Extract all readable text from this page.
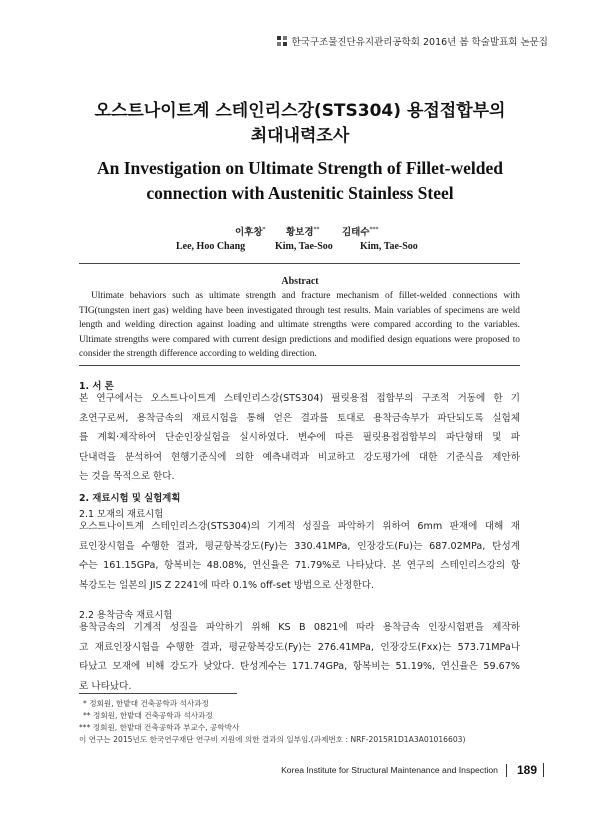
한국구조물진단유지관리공학회 2016년 봄 학술발표회 논문집
오스트나이트계 스테인리스강(STS304) 용접접합부의
최대내력조사
An Investigation on Ultimate Strength of Fillet-welded
connection with Austenitic Stainless Steel
이후창* 황보경** 김태수***
Lee, Hoo Chang	Kim, Tae-Soo	Kim, Tae-Soo
Abstract
Ultimate behaviors such as ultimate strength and fracture mechanism of fillet-welded connections with TIG(tungsten inert gas) welding have been investigated through test results. Main variables of specimens are weld length and welding direction against loading and ultimate strengths were compared according to the variables. Ultimate strengths were compared with current design predictions and modified design equations were proposed to consider the strength difference according to welding direction.
1. 서 론
본 연구에서는 오스트나이트계 스테인리스강(STS304) 필릿용접 접합부의 구조적 거동에 한 기
초연구로써, 용착금속의 재료시험을 통해 얻은 결과를 토대로 용착금속부가 파단되도록 실험체
를 계획·제작하여 단순인장실험을 실시하였다. 변수에 따른 필릿용접접합부의 파단형태 및 파
단내력을 분석하여 현행기준식에 의한 예측내력과 비교하고 강도평가에 대한 기준식을 제안하
는 것을 목적으로 한다.
2. 재료시험 및 실험계획
2.1 모재의 재료시험
오스트나이트계 스테인리스강(STS304)의 기계적 성질을 파악하기 위하여 6mm 판재에 대해 재
료인장시험을 수행한 결과, 평균항복강도(Fy)는 330.41MPa, 인장강도(Fu)는 687.02MPa, 탄성계
수는 161.15GPa, 항복비는 48.08%, 연신율은 71.79%로 나타났다. 본 연구의 스테인리스강의 항
복강도는 일본의 JIS Z 2241에 따라 0.1% off-set 방법으로 산정한다.
2.2 용착금속 재료시험
용착금속의 기계적 성질을 파악하기 위해 KS B 0821에 따라 용착금속 인장시험편을 제작하
고 재료인장시험을 수행한 결과, 평균항복강도(Fy)는 276.41MPa, 인장강도(Fxx)는 573.71MPa나
타났고 모재에 비해 강도가 낮았다. 탄성계수는 171.74GPa, 항복비는 51.19%, 연신율은 59.67%
로 나타났다.
* 정회원, 한밭대 건축공학과 석사과정
** 정회원, 한밭대 건축공학과 석사과정
*** 정회원, 한밭대 건축공학과 부교수, 공학박사
이 연구는 2015년도 한국연구재단 연구비 지원에 의한 결과의 일부임.(과제번호 : NRF-2015R1D1A3A01016603)
Korea Institute for Structural Maintenance and Inspection 189
